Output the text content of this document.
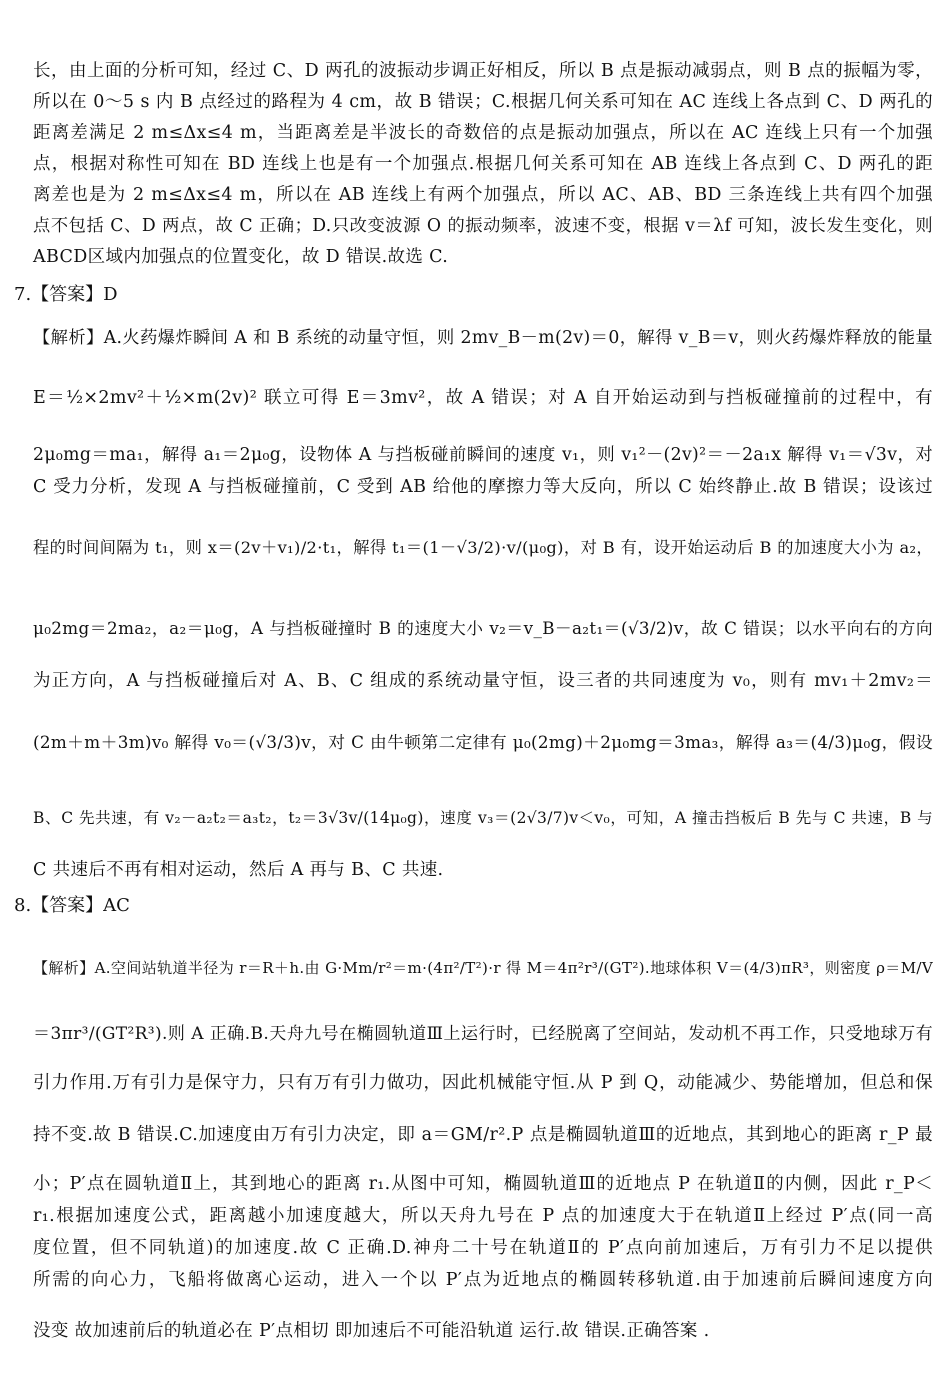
7.【答案】D
8.【答案】AC
长，由上面的分析可知，经过 C、D 两孔的波振动步调正好相反，所以 B 点是振动减弱点，则 B 点的振幅为零，
所以在 0～5 s 内 B 点经过的路程为 4 cm，故 B 错误；C.根据几何关系可知在 AC 连线上各点到 C、D 两孔的
距离差满足 2 m≤Δx≤4 m，当距离差是半波长的奇数倍的点是振动加强点，所以在 AC 连线上只有一个加强
点，根据对称性可知在 BD 连线上也是有一个加强点.根据几何关系可知在 AB 连线上各点到 C、D 两孔的距
离差也是为 2 m≤Δx≤4 m，所以在 AB 连线上有两个加强点，所以 AC、AB、BD 三条连线上共有四个加强
点不包括 C、D 两点，故 C 正确；D.只改变波源 O 的振动频率，波速不变，根据 v＝λf 可知，波长发生变化，则
ABCD区域内加强点的位置变化，故 D 错误.故选 C.
【解析】A.火药爆炸瞬间 A 和 B 系统的动量守恒，则 2mv_B－m(2v)＝0，解得 v_B＝v，则火药爆炸释放的能量
E＝½×2mv²＋½×m(2v)² 联立可得 E＝3mv²，故 A 错误；对 A 自开始运动到与挡板碰撞前的过程中，有
2μ₀mg＝ma₁，解得 a₁＝2μ₀g，设物体 A 与挡板碰前瞬间的速度 v₁，则 v₁²－(2v)²＝－2a₁x 解得 v₁＝√3v，对
C 受力分析，发现 A 与挡板碰撞前，C 受到 AB 给他的摩擦力等大反向，所以 C 始终静止.故 B 错误；设该过
程的时间间隔为 t₁，则 x＝(2v＋v₁)/2·t₁，解得 t₁＝(1－√3/2)·v/(μ₀g)，对 B 有，设开始运动后 B 的加速度大小为 a₂，
μ₀2mg＝2ma₂，a₂＝μ₀g，A 与挡板碰撞时 B 的速度大小 v₂＝v_B－a₂t₁＝(√3/2)v，故 C 错误；以水平向右的方向
为正方向，A 与挡板碰撞后对 A、B、C 组成的系统动量守恒，设三者的共同速度为 v₀，则有 mv₁＋2mv₂＝
(2m＋m＋3m)v₀ 解得 v₀＝(√3/3)v，对 C 由牛顿第二定律有 μ₀(2mg)＋2μ₀mg＝3ma₃，解得 a₃＝(4/3)μ₀g，假设
B、C 先共速，有 v₂－a₂t₂＝a₃t₂，t₂＝3√3v/(14μ₀g)，速度 v₃＝(2√3/7)v＜v₀，可知，A 撞击挡板后 B 先与 C 共速，B 与
C 共速后不再有相对运动，然后 A 再与 B、C 共速.
【解析】A.空间站轨道半径为 r＝R＋h.由 G·Mm/r²＝m·(4π²/T²)·r 得 M＝4π²r³/(GT²).地球体积 V＝(4/3)πR³，则密度 ρ＝M/V
＝3πr³/(GT²R³).则 A 正确.B.天舟九号在椭圆轨道Ⅲ上运行时，已经脱离了空间站，发动机不再工作，只受地球万有
引力作用.万有引力是保守力，只有万有引力做功，因此机械能守恒.从 P 到 Q，动能减少、势能增加，但总和保
持不变.故 B 错误.C.加速度由万有引力决定，即 a＝GM/r².P 点是椭圆轨道Ⅲ的近地点，其到地心的距离 r_P 最
小；P′点在圆轨道Ⅱ上，其到地心的距离 r₁.从图中可知，椭圆轨道Ⅲ的近地点 P 在轨道Ⅱ的内侧，因此 r_P＜
r₁.根据加速度公式，距离越小加速度越大，所以天舟九号在 P 点的加速度大于在轨道Ⅱ上经过 P′点(同一高
度位置，但不同轨道)的加速度.故 C 正确.D.神舟二十号在轨道Ⅱ的 P′点向前加速后，万有引力不足以提供
所需的向心力，飞船将做离心运动，进入一个以 P′点为近地点的椭圆转移轨道.由于加速前后瞬间速度方向
没变 故加速前后的轨道必在 P′点相切 即加速后不可能沿轨道 运行.故 错误.正确答案 .
